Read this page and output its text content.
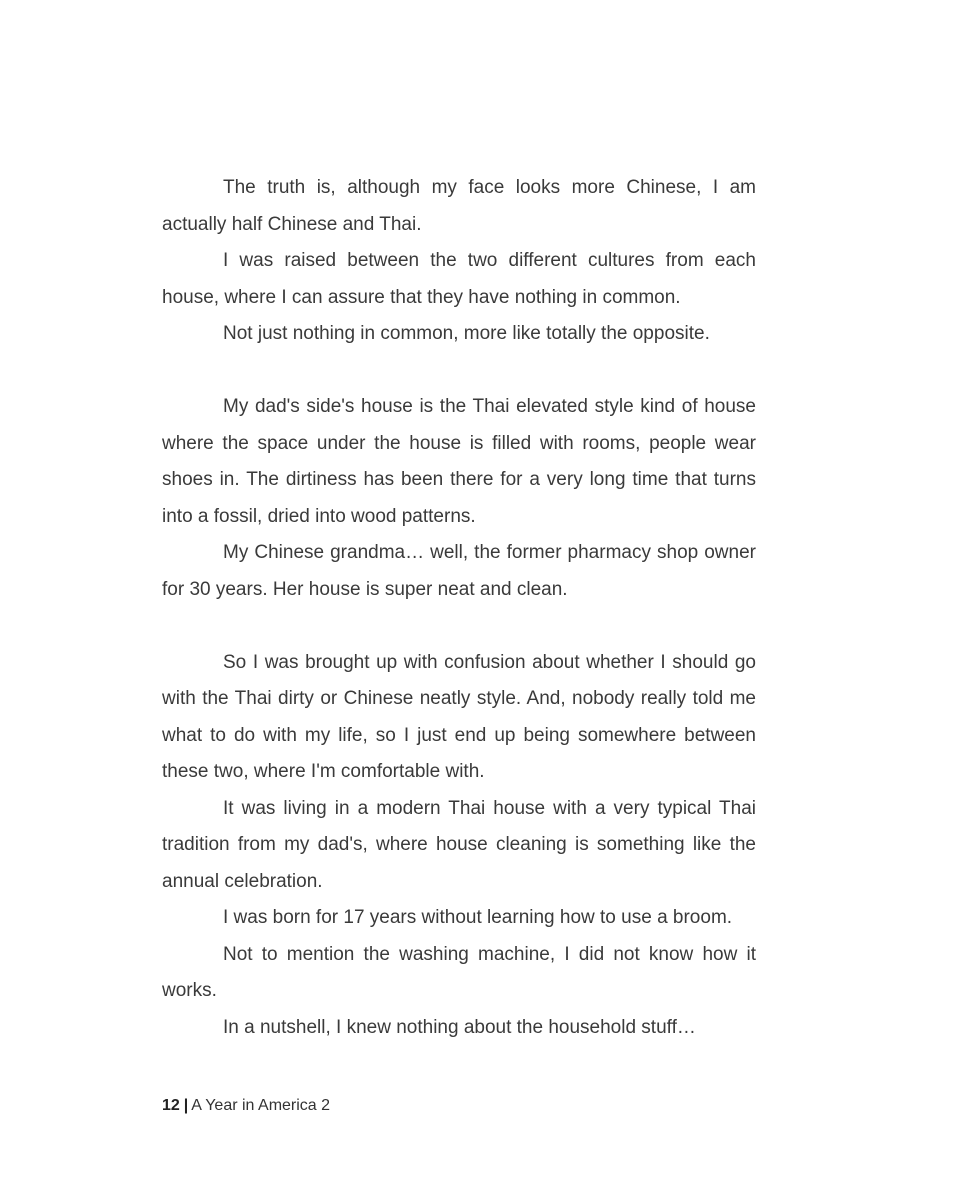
The truth is, although my face looks more Chinese, I am actually half Chinese and Thai.

I was raised between the two different cultures from each house, where I can assure that they have nothing in common.

Not just nothing in common, more like totally the opposite.

My dad's side's house is the Thai elevated style kind of house where the space under the house is filled with rooms, people wear shoes in. The dirtiness has been there for a very long time that turns into a fossil, dried into wood patterns.

My Chinese grandma… well, the former pharmacy shop owner for 30 years. Her house is super neat and clean.

So I was brought up with confusion about whether I should go with the Thai dirty or Chinese neatly style. And, nobody really told me what to do with my life, so I just end up being somewhere between these two, where I'm comfortable with.

It was living in a modern Thai house with a very typical Thai tradition from my dad's, where house cleaning is something like the annual celebration.

I was born for 17 years without learning how to use a broom.

Not to mention the washing machine, I did not know how it works.

In a nutshell, I knew nothing about the household stuff…

12 | A Year in America 2
